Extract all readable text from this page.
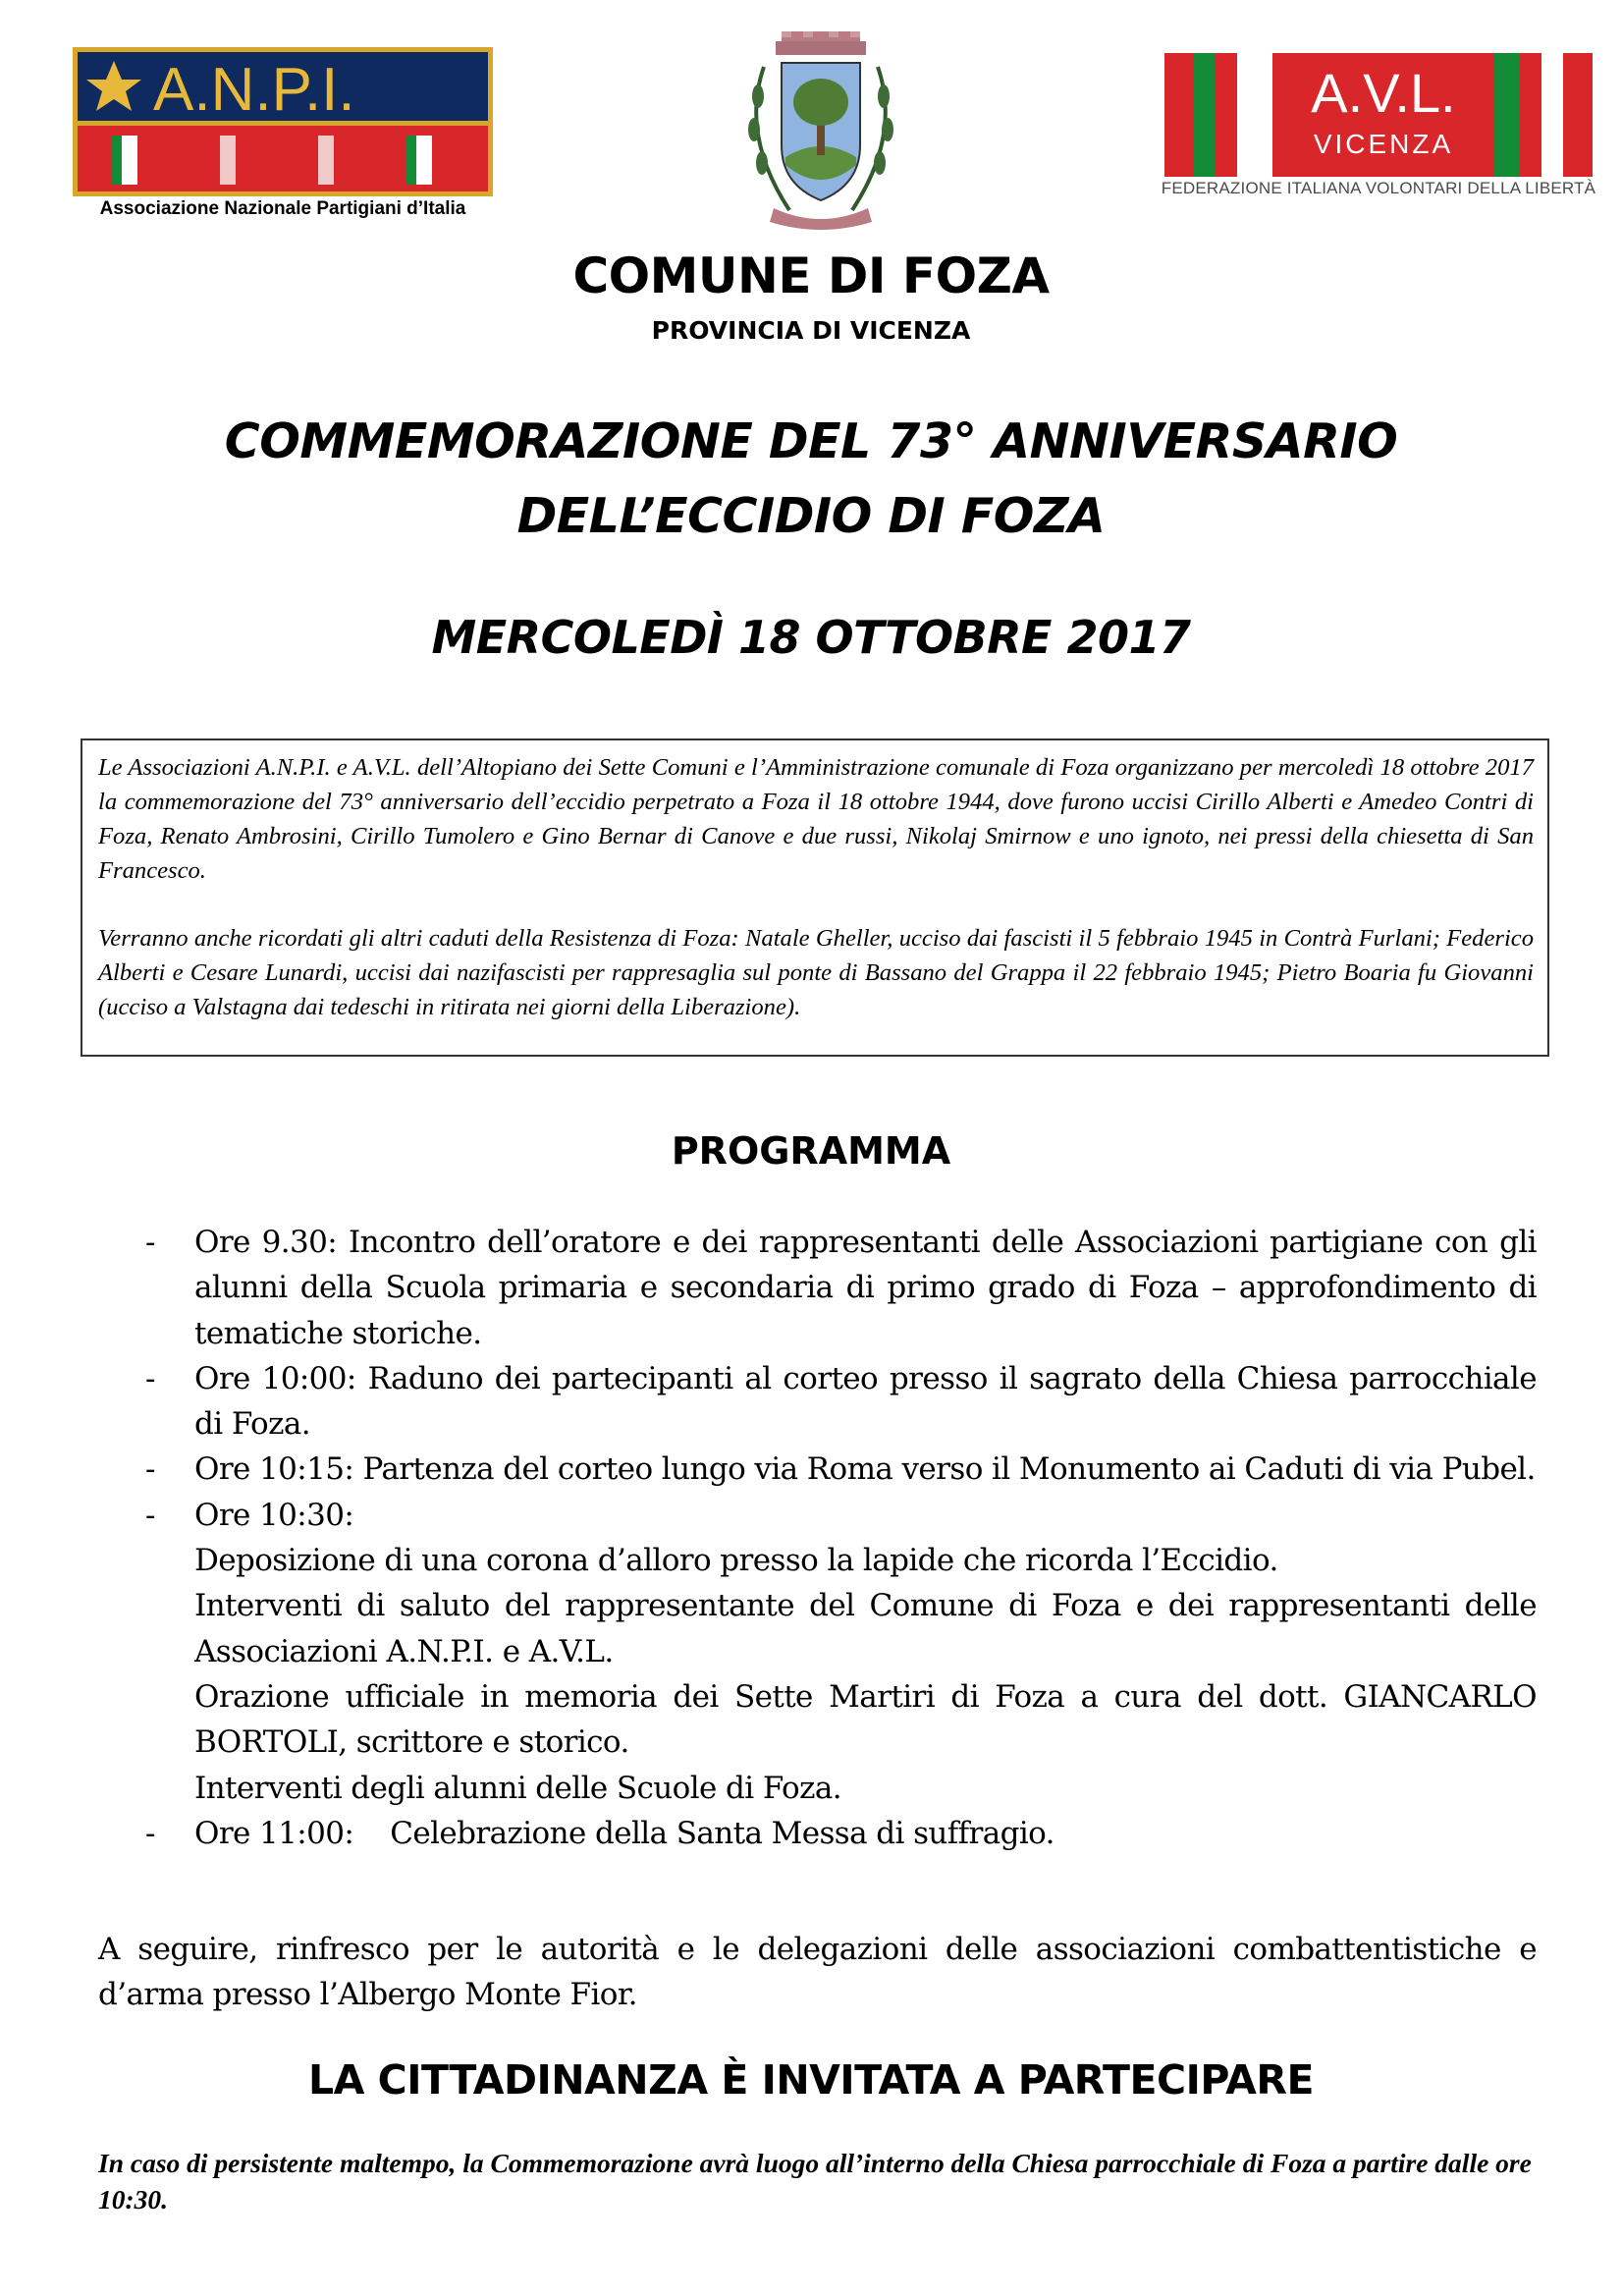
A.N.P.I.
Associazione Nazionale Partigiani d’Italia
A.V.L.
VICENZA
FEDERAZIONE ITALIANA VOLONTARI DELLA LIBERTÀ
COMUNE DI FOZA
PROVINCIA DI VICENZA
COMMEMORAZIONE DEL 73° ANNIVERSARIO
DELL’ECCIDIO DI FOZA
MERCOLEDÌ 18 OTTOBRE 2017

Le Associazioni A.N.P.I. e A.V.L. dell’Altopiano dei Sette Comuni e l’Amministrazione comunale di Foza organizzano per mercoledì 18 ottobre 2017 la commemorazione del 73° anniversario dell’eccidio perpetrato a Foza il 18 ottobre 1944, dove furono uccisi Cirillo Alberti e Amedeo Contri di Foza, Renato Ambrosini, Cirillo Tumolero e Gino Bernar di Canove e due russi, Nikolaj Smirnow e uno ignoto, nei pressi della chiesetta di San Francesco.

Verranno anche ricordati gli altri caduti della Resistenza di Foza: Natale Gheller, ucciso dai fascisti il 5 febbraio 1945 in Contrà Furlani; Federico Alberti e Cesare Lunardi, uccisi dai nazifascisti per rappresaglia sul ponte di Bassano del Grappa il 22 febbraio 1945; Pietro Boaria fu Giovanni (ucciso a Valstagna dai tedeschi in ritirata nei giorni della Liberazione).

PROGRAMMA
- Ore 9.30: Incontro dell’oratore e dei rappresentanti delle Associazioni partigiane con gli alunni della Scuola primaria e secondaria di primo grado di Foza – approfondimento di tematiche storiche.
- Ore 10:00: Raduno dei partecipanti al corteo presso il sagrato della Chiesa parrocchiale di Foza.
- Ore 10:15: Partenza del corteo lungo via Roma verso il Monumento ai Caduti di via Pubel.
- Ore 10:30:
Deposizione di una corona d’alloro presso la lapide che ricorda l’Eccidio.
Interventi di saluto del rappresentante del Comune di Foza e dei rappresentanti delle Associazioni A.N.P.I. e A.V.L.
Orazione ufficiale in memoria dei Sette Martiri di Foza a cura del dott. GIANCARLO BORTOLI, scrittore e storico.
Interventi degli alunni delle Scuole di Foza.
- Ore 11:00:    Celebrazione della Santa Messa di suffragio.
A seguire, rinfresco per le autorità e le delegazioni delle associazioni combattentistiche e d’arma presso l’Albergo Monte Fior.
LA CITTADINANZA È INVITATA A PARTECIPARE
In caso di persistente maltempo, la Commemorazione avrà luogo all’interno della Chiesa parrocchiale di Foza a partire dalle ore 10:30.
